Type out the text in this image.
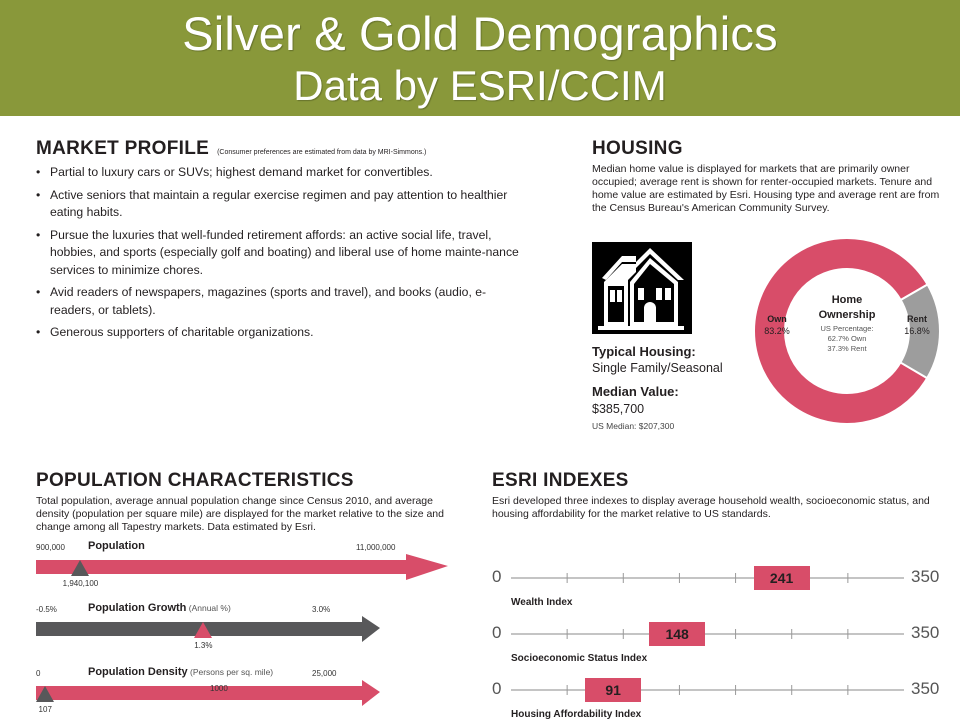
Silver & Gold Demographics
Data by ESRI/CCIM
MARKET PROFILE (Consumer preferences are estimated from data by MRI-Simmons.)
• Partial to luxury cars or SUVs; highest demand market for convertibles.
• Active seniors that maintain a regular exercise regimen and pay attention to healthier eating habits.
• Pursue the luxuries that well-funded retirement affords: an active social life, travel, hobbies, and sports (especially golf and boating) and liberal use of home mainte-nance services to minimize chores.
• Avid readers of newspapers, magazines (sports and travel), and books (audio, e-readers, or tablets).
• Generous supporters of charitable organizations.
HOUSING
Median home value is displayed for markets that are primarily owner occupied; average rent is shown for renter-occupied markets. Tenure and home value are estimated by Esri. Housing type and average rent are from the Census Bureau's American Community Survey.
Typical Housing:
Single Family/Seasonal
Median Value:
$385,700
US Median: $207,300
Home
Ownership
US Percentage:
62.7% Own
37.3% Rent
Own
83.2%
Rent
16.8%
POPULATION CHARACTERISTICS
Total population, average annual population change since Census 2010, and average density (population per square mile) are displayed for the market relative to the size and change among all Tapestry markets. Data estimated by Esri.
Population
900,000	11,000,000
1,940,100
Population Growth (Annual %)
-0.5%	3.0%
1.3%
Population Density (Persons per sq. mile)
0	25,000
107
1000
ESRI INDEXES
Esri developed three indexes to display average household wealth, socioeconomic status, and housing affordability for the market relative to US standards.
0	350
241
Wealth Index
0	350
148
Socioeconomic Status Index
0	350
91
Housing Affordability Index
